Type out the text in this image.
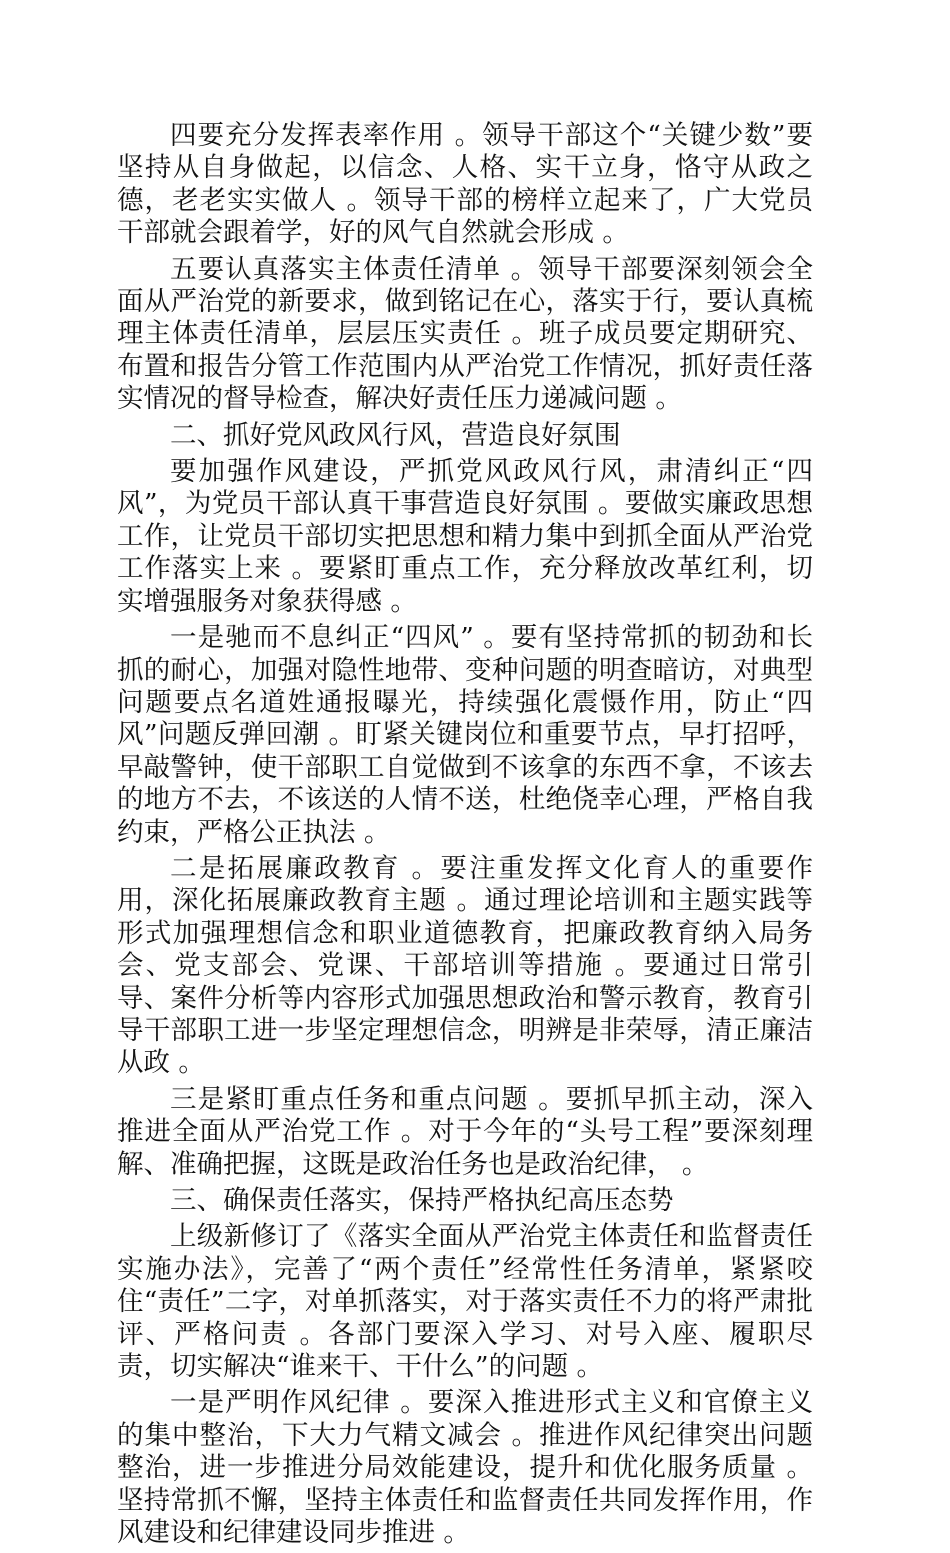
四要充分发挥表率作用 。领导干部这个“关键少数”要坚持从自身做起，以信念、人格、实干立身，恪守从政之德，老老实实做人 。领导干部的榜样立起来了，广大党员干部就会跟着学，好的风气自然就会形成 。

五要认真落实主体责任清单 。领导干部要深刻领会全面从严治党的新要求，做到铭记在心，落实于行，要认真梳理主体责任清单，层层压实责任 。班子成员要定期研究、布置和报告分管工作范围内从严治党工作情况，抓好责任落实情况的督导检查，解决好责任压力递减问题 。

二、抓好党风政风行风，营造良好氛围

要加强作风建设，严抓党风政风行风，肃清纠正“四风”，为党员干部认真干事营造良好氛围 。要做实廉政思想工作，让党员干部切实把思想和精力集中到抓全面从严治党工作落实上来 。要紧盯重点工作，充分释放改革红利，切实增强服务对象获得感 。

一是驰而不息纠正“四风” 。要有坚持常抓的韧劲和长抓的耐心，加强对隐性地带、变种问题的明查暗访，对典型问题要点名道姓通报曝光，持续强化震慑作用，防止“四风”问题反弹回潮 。盯紧关键岗位和重要节点，早打招呼，早敲警钟，使干部职工自觉做到不该拿的东西不拿，不该去的地方不去，不该送的人情不送，杜绝侥幸心理，严格自我约束，严格公正执法 。

二是拓展廉政教育 。要注重发挥文化育人的重要作用，深化拓展廉政教育主题 。通过理论培训和主题实践等形式加强理想信念和职业道德教育，把廉政教育纳入局务会、党支部会、党课、干部培训等措施 。要通过日常引导、案件分析等内容形式加强思想政治和警示教育，教育引导干部职工进一步坚定理想信念，明辨是非荣辱，清正廉洁从政 。

三是紧盯重点任务和重点问题 。要抓早抓主动，深入推进全面从严治党工作 。对于今年的“头号工程”要深刻理解、准确把握，这既是政治任务也是政治纪律， 。

三、确保责任落实，保持严格执纪高压态势

上级新修订了《落实全面从严治党主体责任和监督责任实施办法》，完善了“两个责任”经常性任务清单，紧紧咬住“责任”二字，对单抓落实，对于落实责任不力的将严肃批评、严格问责 。各部门要深入学习、对号入座、履职尽责，切实解决“谁来干、干什么”的问题 。

一是严明作风纪律 。要深入推进形式主义和官僚主义的集中整治，下大力气精文减会 。推进作风纪律突出问题整治，进一步推进分局效能建设，提升和优化服务质量 。坚持常抓不懈，坚持主体责任和监督责任共同发挥作用，作风建设和纪律建设同步推进 。
